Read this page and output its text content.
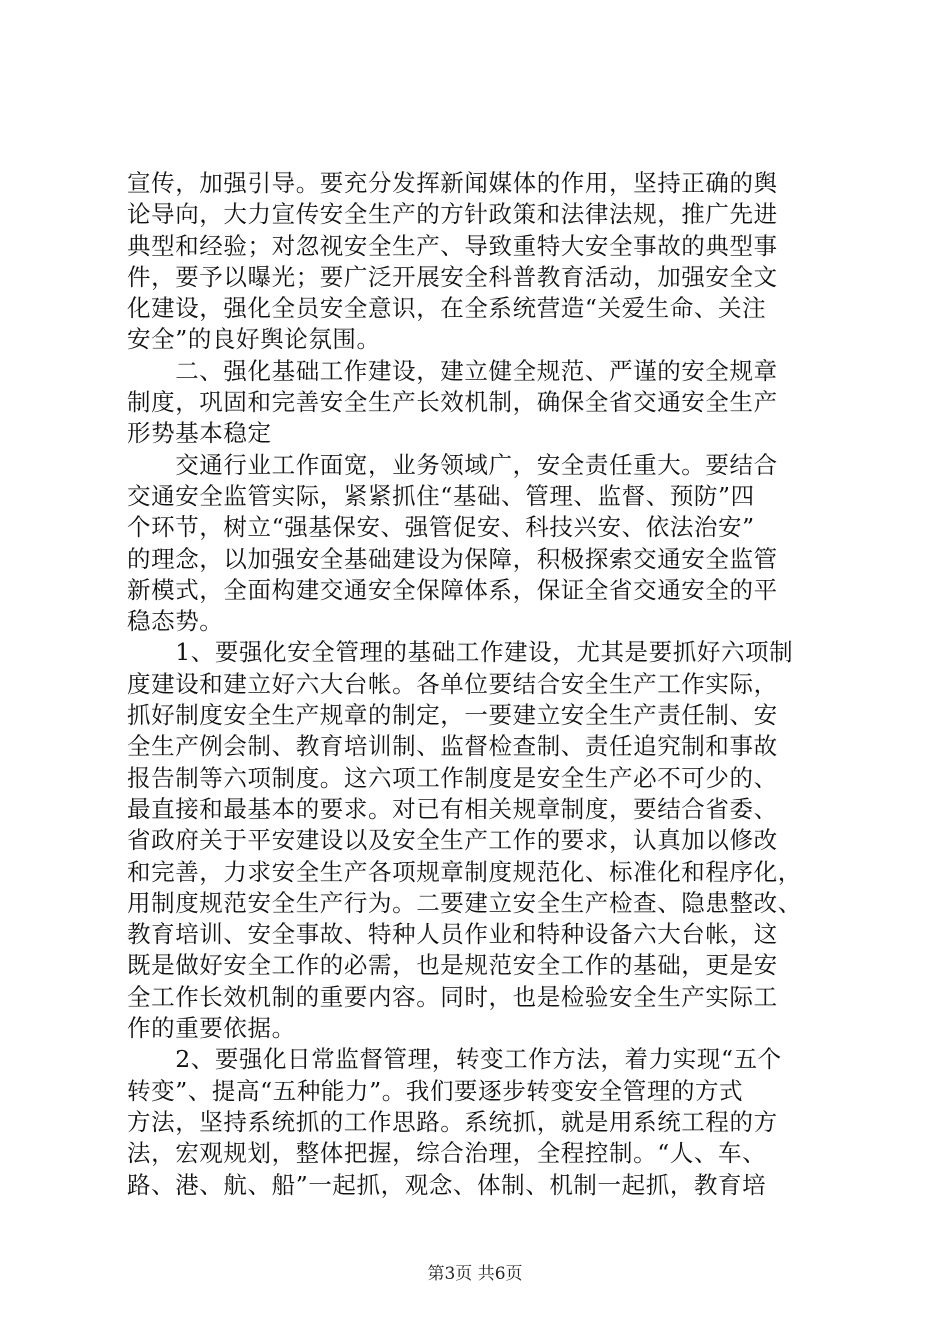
宣传，加强引导。要充分发挥新闻媒体的作用，坚持正确的舆
论导向，大力宣传安全生产的方针政策和法律法规，推广先进
典型和经验；对忽视安全生产、导致重特大安全事故的典型事
件，要予以曝光；要广泛开展安全科普教育活动，加强安全文
化建设，强化全员安全意识，在全系统营造“关爱生命、关注
安全”的良好舆论氛围。
　　二、强化基础工作建设，建立健全规范、严谨的安全规章
制度，巩固和完善安全生产长效机制，确保全省交通安全生产
形势基本稳定
　　交通行业工作面宽，业务领域广，安全责任重大。要结合
交通安全监管实际，紧紧抓住“基础、管理、监督、预防”四
个环节，树立“强基保安、强管促安、科技兴安、依法治安”
的理念，以加强安全基础建设为保障，积极探索交通安全监管
新模式，全面构建交通安全保障体系，保证全省交通安全的平
稳态势。
　　1、要强化安全管理的基础工作建设，尤其是要抓好六项制
度建设和建立好六大台帐。各单位要结合安全生产工作实际，
抓好制度安全生产规章的制定，一要建立安全生产责任制、安
全生产例会制、教育培训制、监督检查制、责任追究制和事故
报告制等六项制度。这六项工作制度是安全生产必不可少的、
最直接和最基本的要求。对已有相关规章制度，要结合省委、
省政府关于平安建设以及安全生产工作的要求，认真加以修改
和完善，力求安全生产各项规章制度规范化、标准化和程序化，
用制度规范安全生产行为。二要建立安全生产检查、隐患整改、
教育培训、安全事故、特种人员作业和特种设备六大台帐，这
既是做好安全工作的必需，也是规范安全工作的基础，更是安
全工作长效机制的重要内容。同时，也是检验安全生产实际工
作的重要依据。
　　2、要强化日常监督管理，转变工作方法，着力实现“五个
转变”、提高“五种能力”。我们要逐步转变安全管理的方式
方法，坚持系统抓的工作思路。系统抓，就是用系统工程的方
法，宏观规划，整体把握，综合治理，全程控制。“人、车、
路、港、航、船”一起抓，观念、体制、机制一起抓，教育培
第3页 共6页
